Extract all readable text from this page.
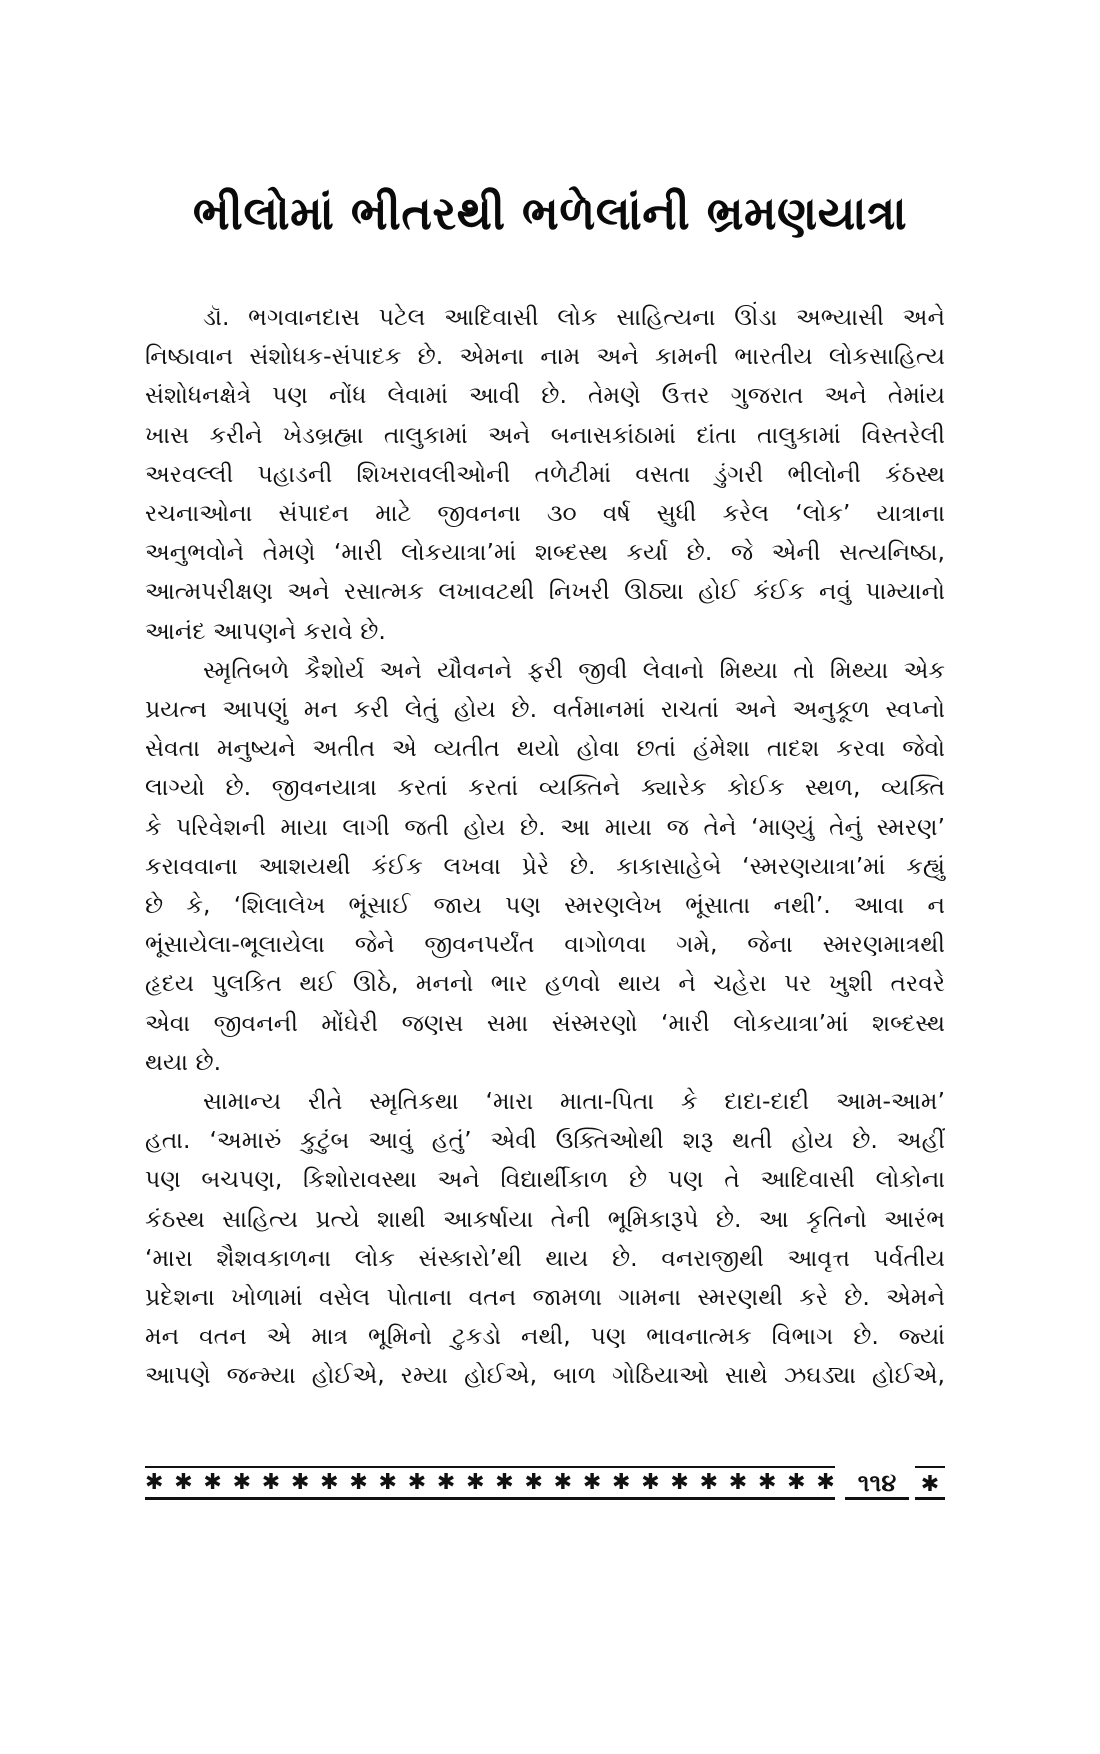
ભીલોમાં ભીતરથી ભળેલાંની ભ્રમણયાત્રા

ડૉ. ભગવાનદાસ પટેલ આદિવાસી લોક સાહિત્યના ઊંડા અભ્યાસી અને
નિષ્ઠાવાન સંશોધક-સંપાદક છે. એમના નામ અને કામની ભારતીય લોકસાહિત્ય
સંશોધનક્ષેત્રે પણ નોંધ લેવામાં આવી છે. તેમણે ઉત્તર ગુજરાત અને તેમાંય
ખાસ કરીને ખેડબ્રહ્મા તાલુકામાં અને બનાસકાંઠામાં દાંતા તાલુકામાં વિસ્તરેલી
અરવલ્લી પહાડની શિખરાવલીઓની તળેટીમાં વસતા ડુંગરી ભીલોની કંઠસ્થ
રચનાઓના સંપાદન માટે જીવનના ૩૦ વર્ષ સુધી કરેલ ‘લોક’ યાત્રાના
અનુભવોને તેમણે ‘મારી લોકયાત્રા’માં શબ્દસ્થ કર્યા છે. જે એની સત્યનિષ્ઠા,
આત્મપરીક્ષણ અને રસાત્મક લખાવટથી નિખરી ઊઠ્યા હોઈ કંઈક નવું પામ્યાનો
આનંદ આપણને કરાવે છે.

સ્મૃતિબળે કૈશોર્ય અને યૌવનને ફરી જીવી લેવાનો મિથ્યા તો મિથ્યા એક
પ્રયત્ન આપણું મન કરી લેતું હોય છે. વર્તમાનમાં રાચતાં અને અનુકૂળ સ્વપ્નો
સેવતા મનુષ્યને અતીત એ વ્યતીત થયો હોવા છતાં હંમેશા તાદશ કરવા જેવો
લાગ્યો છે. જીવનયાત્રા કરતાં કરતાં વ્યક્તિને ક્યારેક કોઈક સ્થળ, વ્યક્તિ
કે પરિવેશની માયા લાગી જતી હોય છે. આ માયા જ તેને ‘માણ્યું તેનું સ્મરણ’
કરાવવાના આશયથી કંઈક લખવા પ્રેરે છે. કાકાસાહેબે ‘સ્મરણયાત્રા’માં કહ્યું
છે કે, ‘શિલાલેખ ભૂંસાઈ જાય પણ સ્મરણલેખ ભૂંસાતા નથી’. આવા ન
ભૂંસાયેલા-ભૂલાયેલા જેને જીવનપર્યંત વાગોળવા ગમે, જેના સ્મરણમાત્રથી
હૃદય પુલકિત થઈ ઊઠે, મનનો ભાર હળવો થાય ને ચહેરા પર ખુશી તરવરે
એવા જીવનની મોંઘેરી જણસ સમા સંસ્મરણો ‘મારી લોકયાત્રા’માં શબ્દસ્થ
થયા છે.

સામાન્ય રીતે સ્મૃતિકથા ‘મારા માતા-પિતા કે દાદા-દાદી આમ-આમ’
હતા. ‘અમારું કુટુંબ આવું હતું’ એવી ઉક્તિઓથી શરૂ થતી હોય છે. અહીં
પણ બચપણ, કિશોરાવસ્થા અને વિદ્યાર્થીકાળ છે પણ તે આદિવાસી લોકોના
કંઠસ્થ સાહિત્ય પ્રત્યે શાથી આકર્ષાયા તેની ભૂમિકારૂપે છે. આ કૃતિનો આરંભ
‘મારા શૈશવકાળના લોક સંસ્કારો’થી થાય છે. વનરાજીથી આવૃત્ત પર્વતીય
પ્રદેશના ખોળામાં વસેલ પોતાના વતન જામળા ગામના સ્મરણથી કરે છે. એમને
મન વતન એ માત્ર ભૂમિનો ટુકડો નથી, પણ ભાવનાત્મક વિભાગ છે. જ્યાં
આપણે જન્મ્યા હોઈએ, રમ્યા હોઈએ, બાળ ગોઠિયાઓ સાથે ઝઘડ્યા હોઈએ,

✱ ✱ ✱ ✱ ✱ ✱ ✱ ✱ ✱ ✱ ✱ ✱ ✱ ✱ ✱ ✱ ✱ ✱ ✱ ✱ ✱ ✱ ✱ ✱ ૧૧૪	✱
